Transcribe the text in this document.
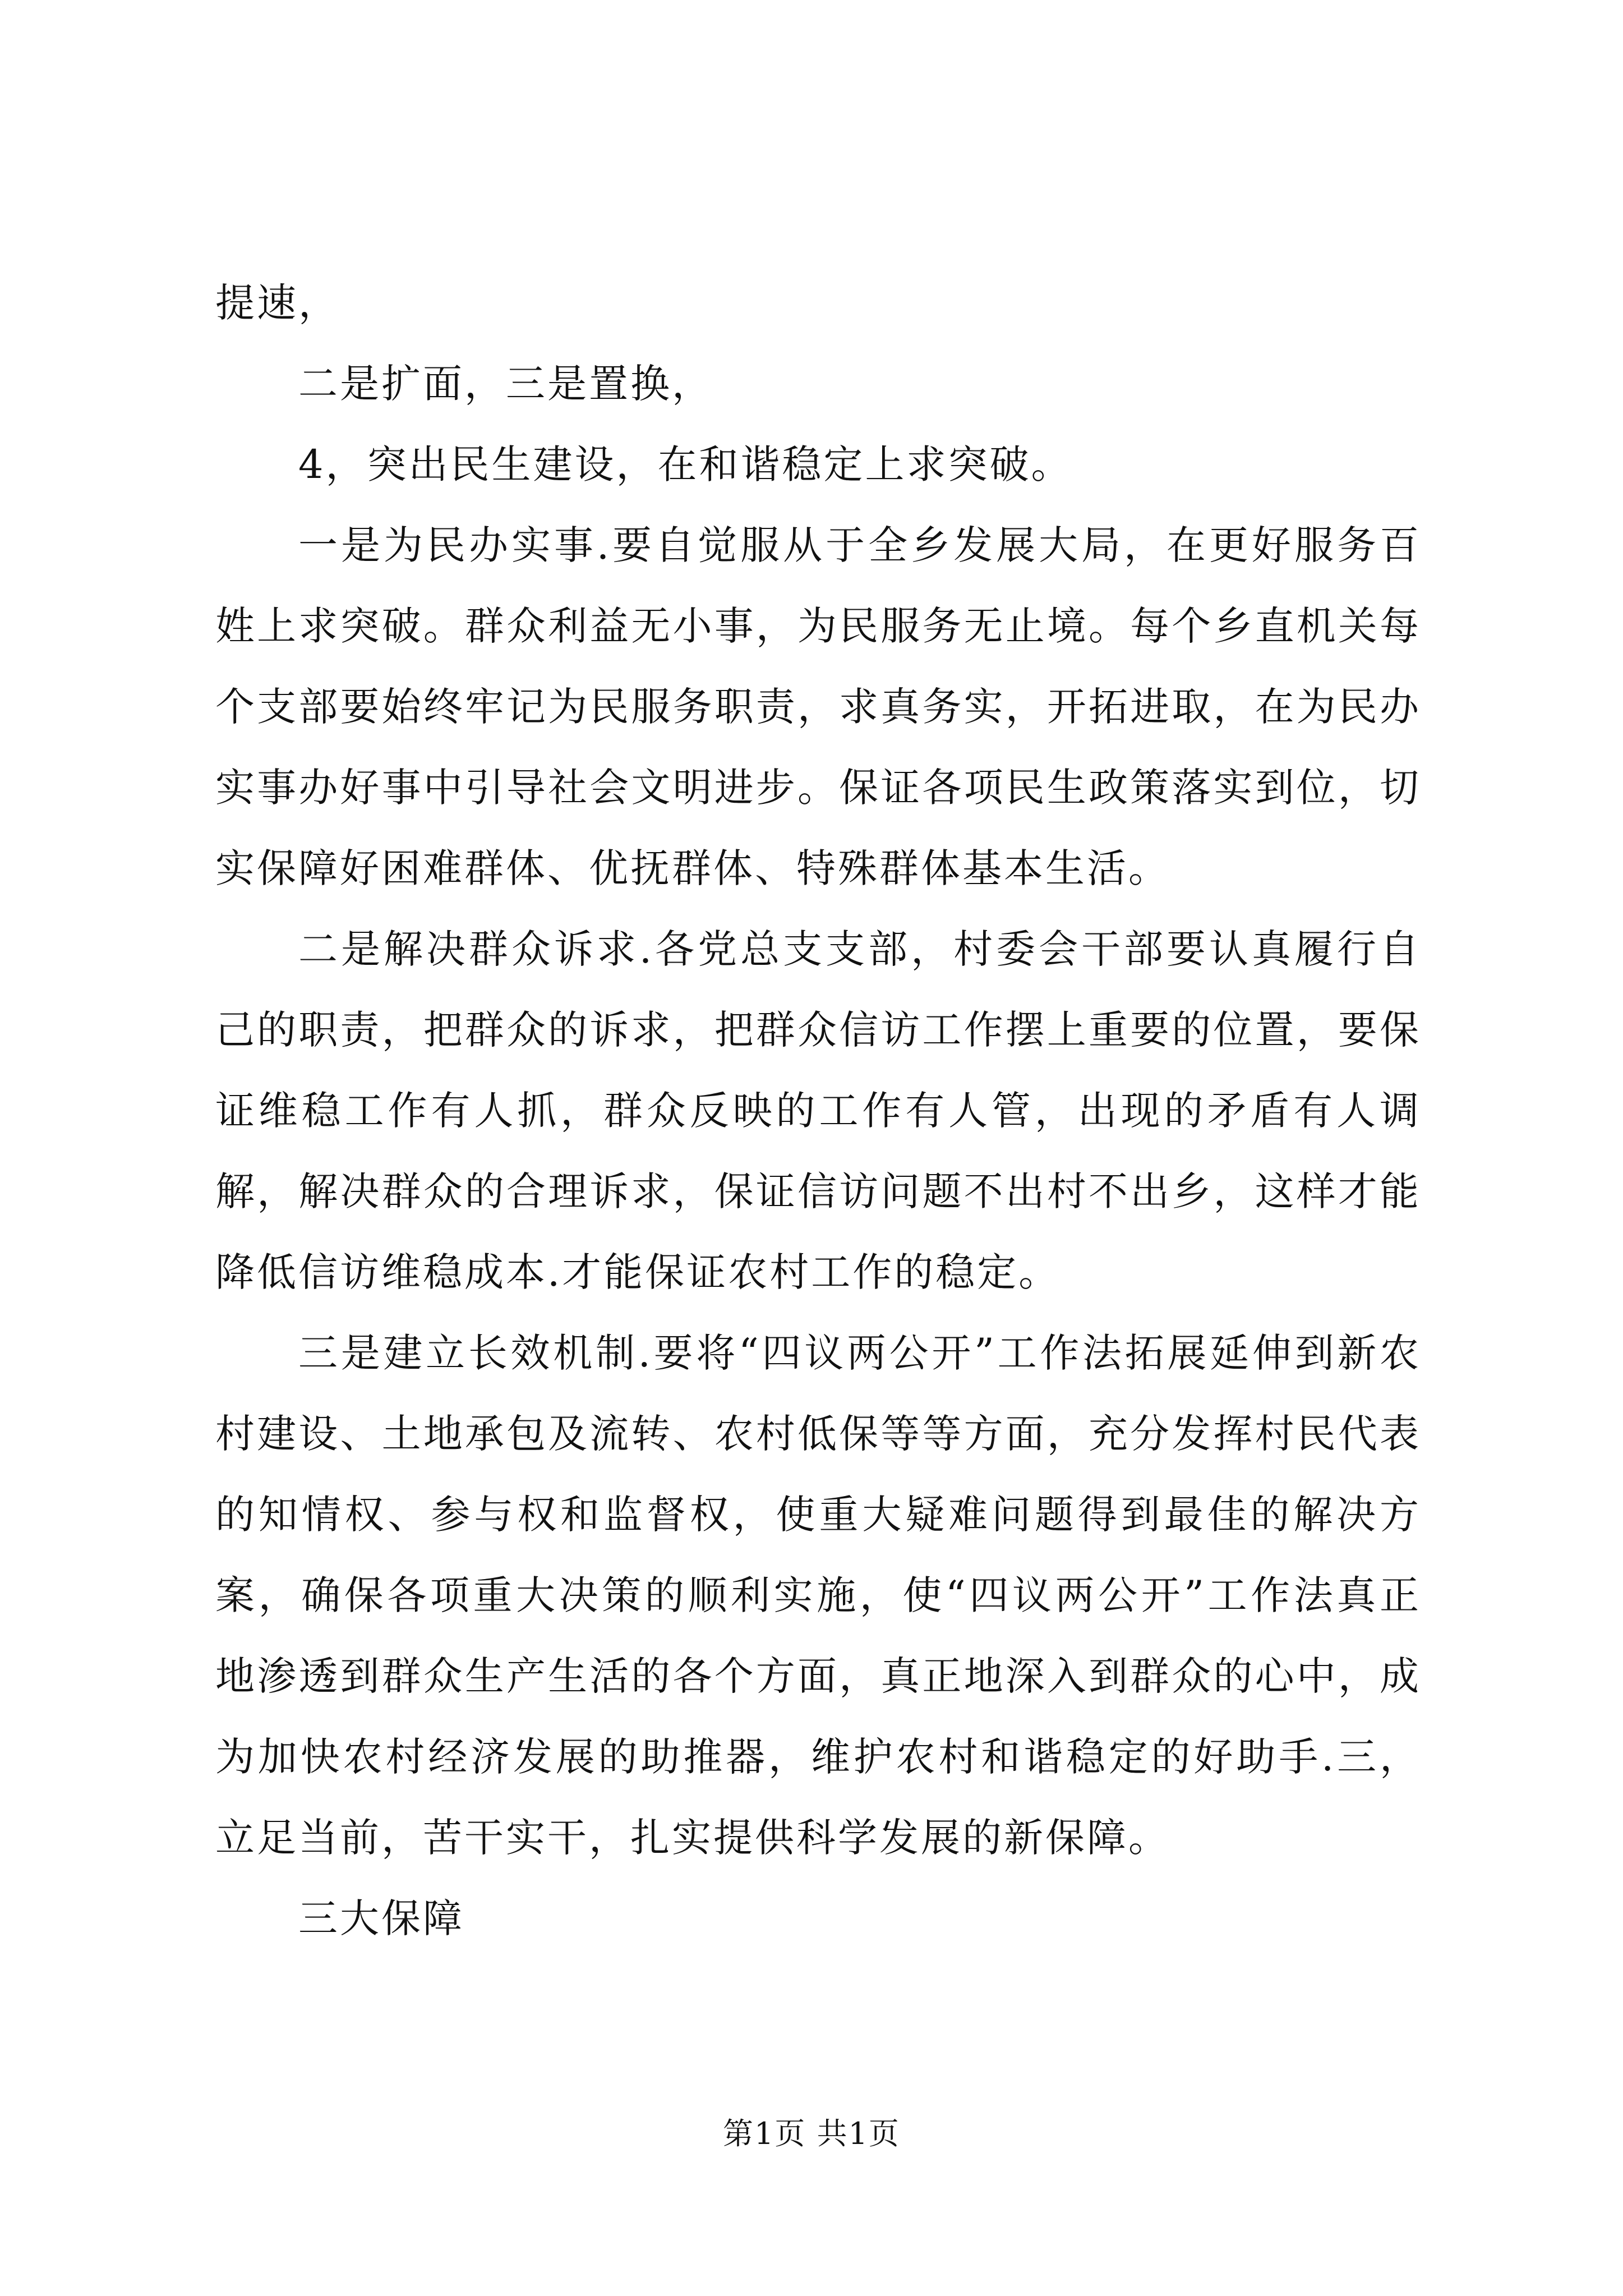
提速，

二是扩面，三是置换，

4，突出民生建设，在和谐稳定上求突破。

一是为民办实事.要自觉服从于全乡发展大局，在更好服务百姓上求突破。群众利益无小事，为民服务无止境。每个乡直机关每个支部要始终牢记为民服务职责，求真务实，开拓进取，在为民办实事办好事中引导社会文明进步。保证各项民生政策落实到位，切实保障好困难群体、优抚群体、特殊群体基本生活。

二是解决群众诉求.各党总支支部，村委会干部要认真履行自己的职责，把群众的诉求，把群众信访工作摆上重要的位置，要保证维稳工作有人抓，群众反映的工作有人管，出现的矛盾有人调解，解决群众的合理诉求，保证信访问题不出村不出乡，这样才能降低信访维稳成本.才能保证农村工作的稳定。

三是建立长效机制.要将“四议两公开”工作法拓展延伸到新农村建设、土地承包及流转、农村低保等等方面，充分发挥村民代表的知情权、参与权和监督权，使重大疑难问题得到最佳的解决方案，确保各项重大决策的顺利实施，使“四议两公开”工作法真正地渗透到群众生产生活的各个方面，真正地深入到群众的心中，成为加快农村经济发展的助推器，维护农村和谐稳定的好助手.三，立足当前，苦干实干，扎实提供科学发展的新保障。

三大保障

第1页 共1页
